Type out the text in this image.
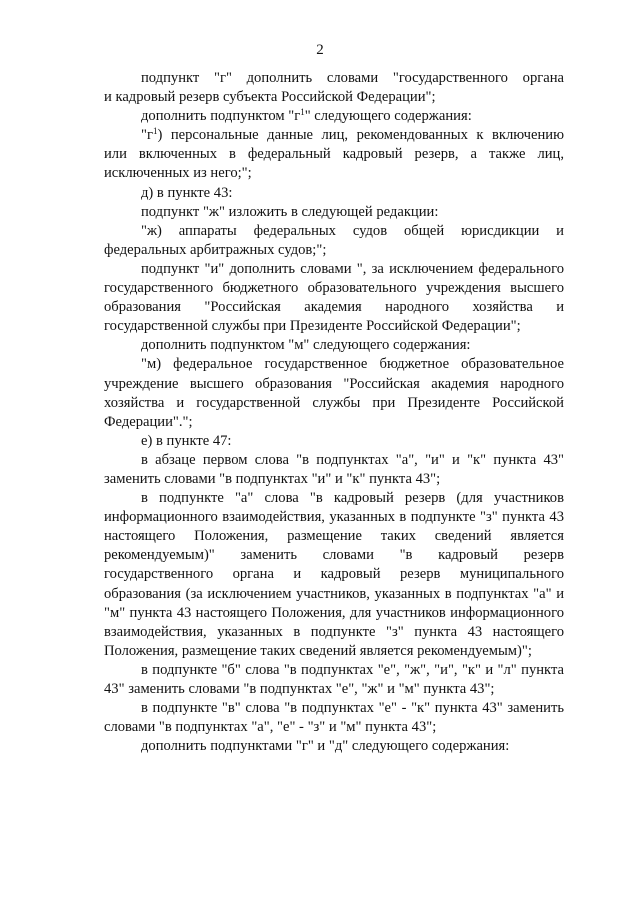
2

подпункт "г" дополнить словами "государственного органа

и кадровый резерв субъекта Российской Федерации";

дополнить подпунктом "$г^1$" следующего содержания:

"$г^1$) персональные данные лиц, рекомендованных к включению

или включенных в федеральный кадровый резерв, а также лиц, исключенных из него;";

д) в пункте 43:

подпункт "ж" изложить в следующей редакции:

"ж) аппараты федеральных судов общей юрисдикции и федеральных арбитражных судов;";

подпункт "и" дополнить словами ", за исключением федерального государственного бюджетного образовательного учреждения высшего образования "Российская академия народного хозяйства и государственной службы при Президенте Российской Федерации";

дополнить подпунктом "м" следующего содержания:

"м) федеральное государственное бюджетное образовательное учреждение высшего образования "Российская академия народного хозяйства и государственной службы при Президенте Российской Федерации".";

е) в пункте 47:

в абзаце первом слова "в подпунктах "а", "и" и "к" пункта 43" заменить словами "в подпунктах "и" и "к" пункта 43";

в подпункте "а" слова "в кадровый резерв (для участников информационного взаимодействия, указанных в подпункте "з" пункта 43 настоящего Положения, размещение таких сведений является рекомендуемым)" заменить словами "в кадровый резерв государственного органа и кадровый резерв муниципального образования (за исключением участников, указанных в подпунктах "а" и "м" пункта 43 настоящего Положения, для участников информационного взаимодействия, указанных в подпункте "з" пункта 43 настоящего Положения, размещение таких сведений является рекомендуемым)";

в подпункте "б" слова "в подпунктах "е", "ж", "и", "к" и "л" пункта 43" заменить словами "в подпунктах "е", "ж" и "м" пункта 43";

в подпункте "в" слова "в подпунктах "е" - "к" пункта 43" заменить словами "в подпунктах "а", "е" - "з" и "м" пункта 43";

дополнить подпунктами "г" и "д" следующего содержания:
